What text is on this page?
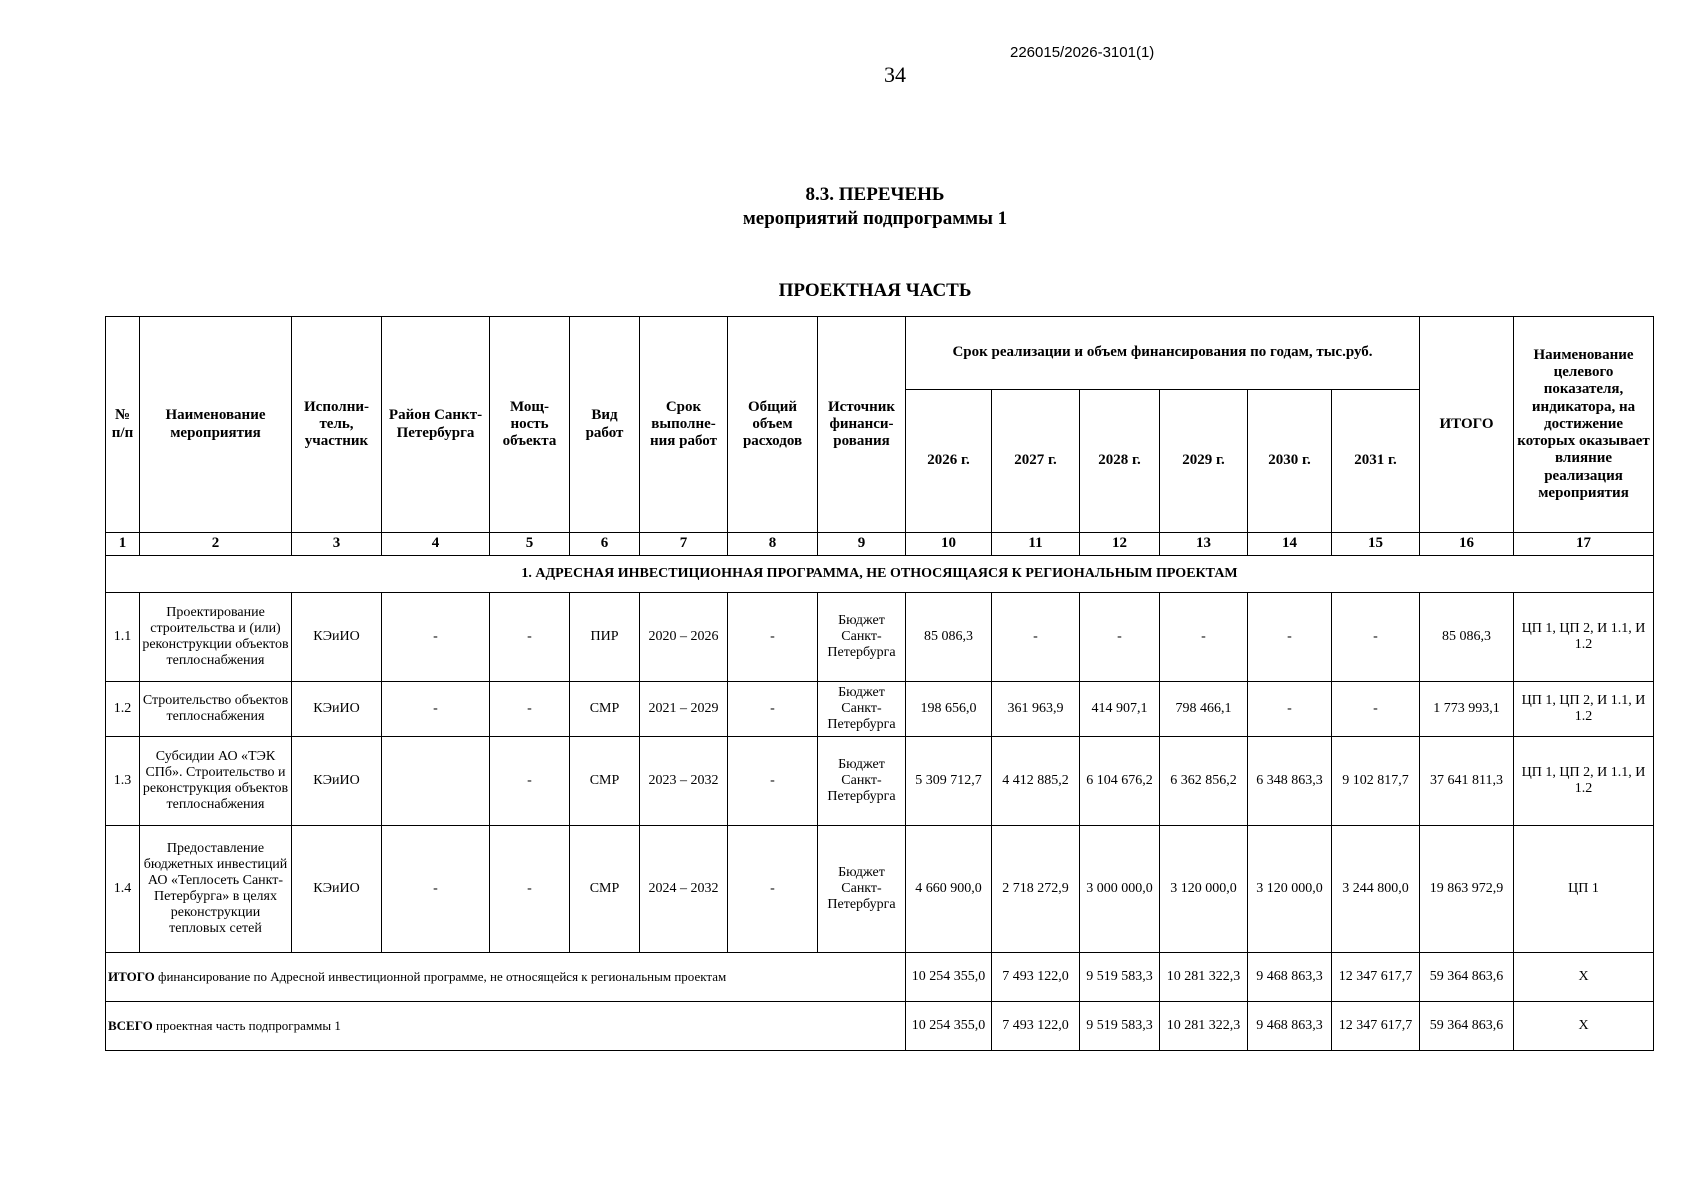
226015/2026-3101(1)
34
8.3. ПЕРЕЧЕНЬ
мероприятий подпрограммы 1
ПРОЕКТНАЯ ЧАСТЬ
№ п/п	Наименование мероприятия	Исполни-тель, участник	Район Санкт-Петербурга	Мощ-ность объекта	Вид работ	Срок выполне-ния работ	Общий объем расходов	Источник финанси-рования	Срок реализации и объем финансирования по годам, тыс.руб.						ИТОГО	Наименование целевого показателя, индикатора, на достижение которых оказывает влияние реализация мероприятия
									2026 г.	2027 г.	2028 г.	2029 г.	2030 г.	2031 г.		
1	2	3	4	5	6	7	8	9	10	11	12	13	14	15	16	17
1. АДРЕСНАЯ ИНВЕСТИЦИОННАЯ ПРОГРАММА, НЕ ОТНОСЯЩАЯСЯ К РЕГИОНАЛЬНЫМ ПРОЕКТАМ																
1.1	Проектирование строительства и (или) реконструкции объектов теплоснабжения	КЭиИО	-	-	ПИР	2020 – 2026	-	Бюджет Санкт-Петербурга	85 086,3	-	-	-	-	-	85 086,3	ЦП 1, ЦП 2, И 1.1, И 1.2
1.2	Строительство объектов теплоснабжения	КЭиИО	-	-	СМР	2021 – 2029	-	Бюджет Санкт-Петербурга	198 656,0	361 963,9	414 907,1	798 466,1	-	-	1 773 993,1	ЦП 1, ЦП 2, И 1.1, И 1.2
1.3	Субсидии АО «ТЭК СПб». Строительство и реконструкция объектов теплоснабжения	КЭиИО		-	СМР	2023 – 2032	-	Бюджет Санкт-Петербурга	5 309 712,7	4 412 885,2	6 104 676,2	6 362 856,2	6 348 863,3	9 102 817,7	37 641 811,3	ЦП 1, ЦП 2, И 1.1, И 1.2
1.4	Предоставление бюджетных инвестиций АО «Теплосеть Санкт-Петербурга» в целях реконструкции тепловых сетей	КЭиИО	-	-	СМР	2024 – 2032	-	Бюджет Санкт-Петербурга	4 660 900,0	2 718 272,9	3 000 000,0	3 120 000,0	3 120 000,0	3 244 800,0	19 863 972,9	ЦП 1
ИТОГО финансирование по Адресной инвестиционной программе, не относящейся к региональным проектам									10 254 355,0	7 493 122,0	9 519 583,3	10 281 322,3	9 468 863,3	12 347 617,7	59 364 863,6	Х
ВСЕГО проектная часть подпрограммы 1									10 254 355,0	7 493 122,0	9 519 583,3	10 281 322,3	9 468 863,3	12 347 617,7	59 364 863,6	Х
